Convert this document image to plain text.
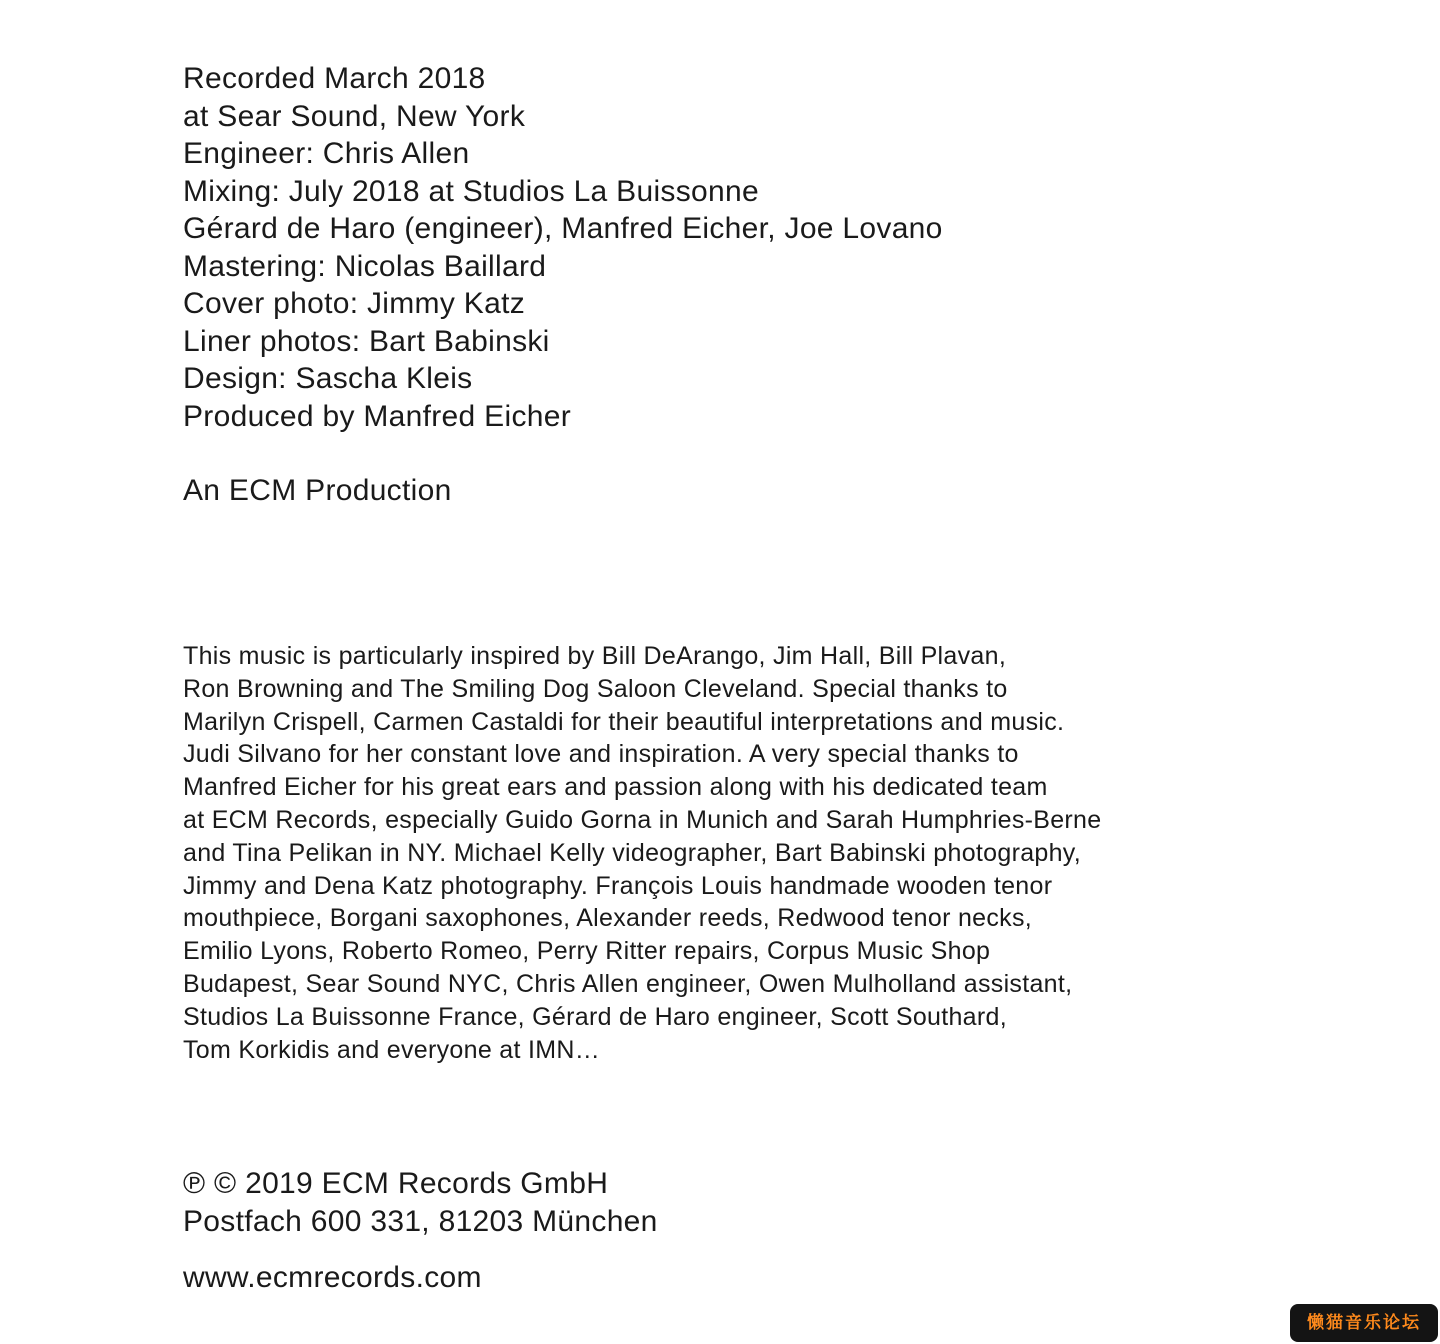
Recorded March 2018
at Sear Sound, New York
Engineer: Chris Allen
Mixing: July 2018 at Studios La Buissonne
Gérard de Haro (engineer), Manfred Eicher, Joe Lovano
Mastering: Nicolas Baillard
Cover photo: Jimmy Katz
Liner photos: Bart Babinski
Design: Sascha Kleis
Produced by Manfred Eicher
An ECM Production
This music is particularly inspired by Bill DeArango, Jim Hall, Bill Plavan,
Ron Browning and The Smiling Dog Saloon Cleveland. Special thanks to
Marilyn Crispell, Carmen Castaldi for their beautiful interpretations and music.
Judi Silvano for her constant love and inspiration. A very special thanks to
Manfred Eicher for his great ears and passion along with his dedicated team
at ECM Records, especially Guido Gorna in Munich and Sarah Humphries-Berne
and Tina Pelikan in NY. Michael Kelly videographer, Bart Babinski photography,
Jimmy and Dena Katz photography. François Louis handmade wooden tenor
mouthpiece, Borgani saxophones, Alexander reeds, Redwood tenor necks,
Emilio Lyons, Roberto Romeo, Perry Ritter repairs, Corpus Music Shop
Budapest, Sear Sound NYC, Chris Allen engineer, Owen Mulholland assistant,
Studios La Buissonne France, Gérard de Haro engineer, Scott Southard,
Tom Korkidis and everyone at IMN…
℗ © 2019 ECM Records GmbH
Postfach 600 331, 81203 München
www.ecmrecords.com
懒猫音乐论坛
